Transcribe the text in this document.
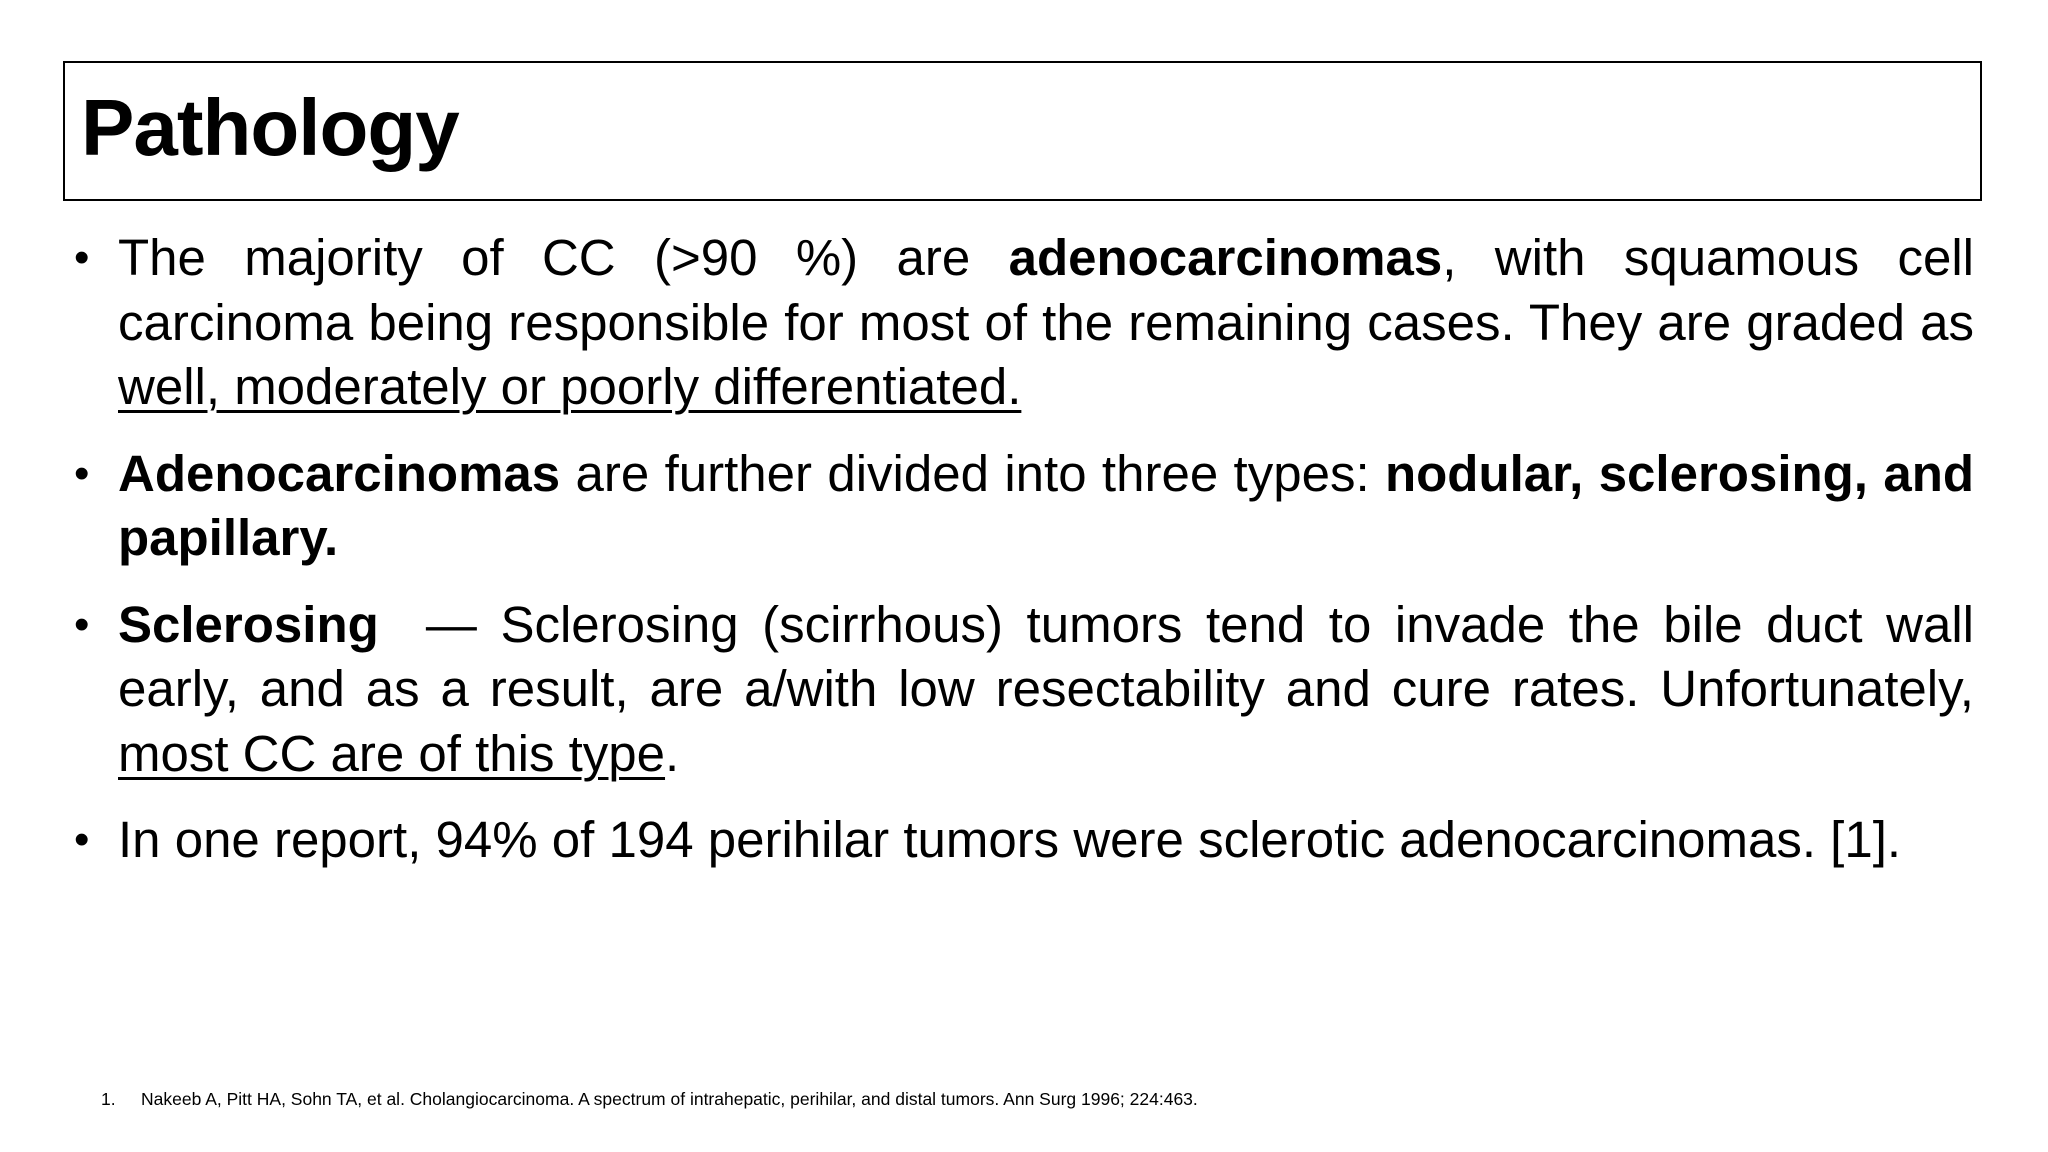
Pathology
• The majority of CC (>90 %) are adenocarcinomas, with squamous cell carcinoma being responsible for most of the remaining cases. They are graded as well, moderately or poorly differentiated.
• Adenocarcinomas are further divided into three types: nodular, sclerosing, and papillary.
• Sclerosing  — Sclerosing (scirrhous) tumors tend to invade the bile duct wall early, and as a result, are a/with low resectability and cure rates. Unfortunately, most CC are of this type.
• In one report, 94% of 194 perihilar tumors were sclerotic adenocarcinomas. [1].
1. Nakeeb A, Pitt HA, Sohn TA, et al. Cholangiocarcinoma. A spectrum of intrahepatic, perihilar, and distal tumors. Ann Surg 1996; 224:463.
